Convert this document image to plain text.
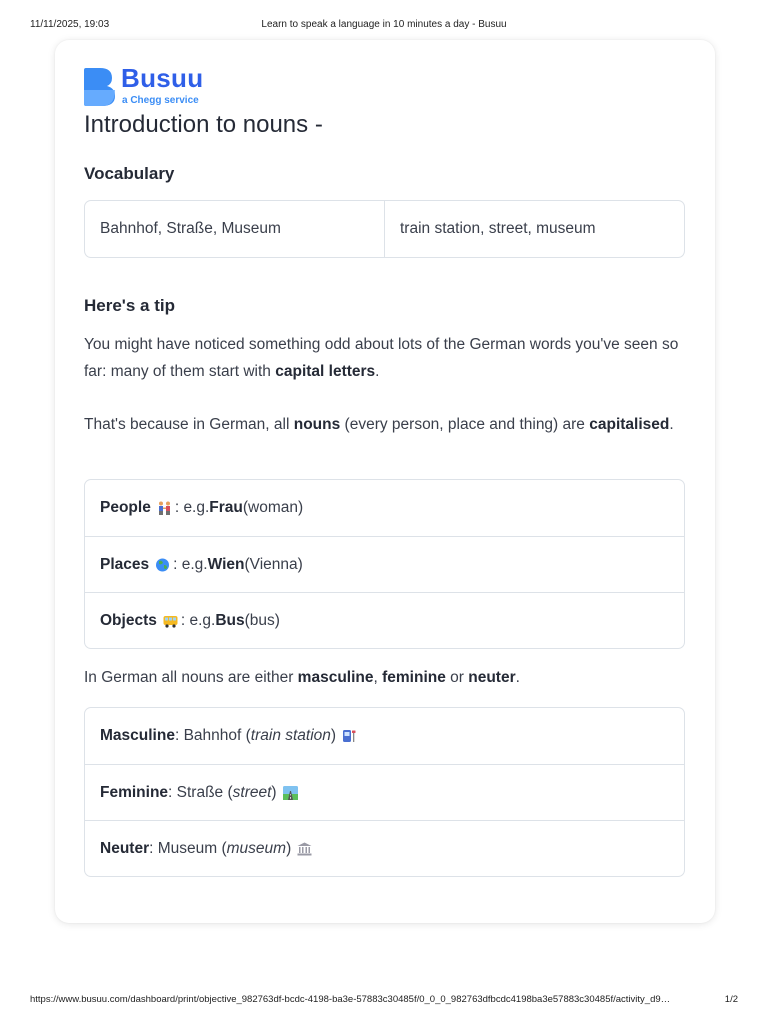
11/11/2025, 19:03	Learn to speak a language in 10 minutes a day - Busuu
Busuu
a Chegg service
Introduction to nouns -
Vocabulary
Bahnhof, Straße, Museum	train station, street, museum
Here's a tip

You might have noticed something odd about lots of the German words you've seen so far: many of them start with capital letters.

That's because in German, all nouns (every person, place and thing) are capitalised.

People : e.g. Frau (woman)
Places : e.g. Wien (Vienna)
Objects : e.g. Bus (bus)

In German all nouns are either masculine, feminine or neuter.

Masculine : Bahnhof ( train station )
Feminine : Straße ( street )
Neuter : Museum ( museum )
https://www.busuu.com/dashboard/print/objective_982763df-bcdc-4198-ba3e-57883c30485f/0_0_0_982763dfbcdc4198ba3e57883c30485f/activity_d9…	1/2
